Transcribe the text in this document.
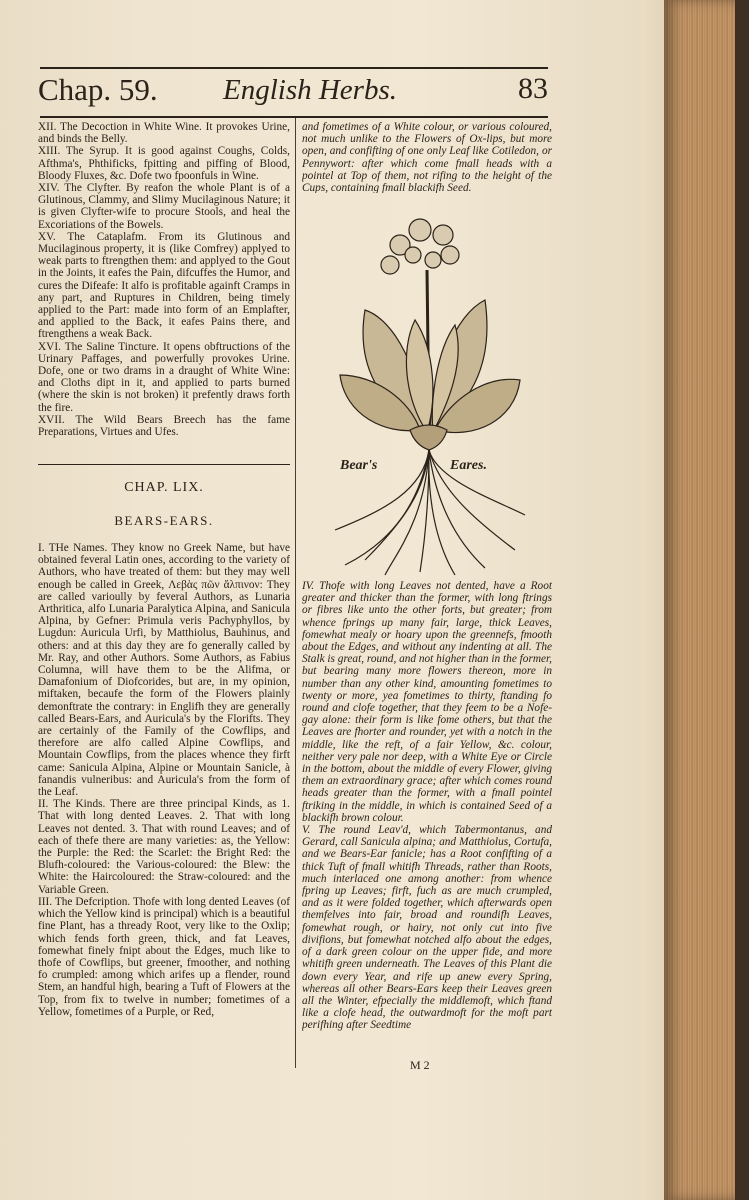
Chap. 59. English Herbs.	83

XII. The Decoction in White Wine. It provokes Urine, and binds the Belly.

XIII. The Syrup. It is good against Coughs, Colds, Afthma's, Phthificks, fpitting and piffing of Blood, Bloody Fluxes, &c. Dofe two fpoonfuls in Wine.

XIV. The Clyfter. By reafon the whole Plant is of a Glutinous, Clammy, and Slimy Mucilaginous Nature; it is given Clyfter-wife to procure Stools, and heal the Excoriations of the Bowels.

XV. The Cataplafm. From its Glutinous and Mucilaginous property, it is (like Comfrey) applyed to weak parts to ftrengthen them: and applyed to the Gout in the Joints, it eafes the Pain, difcuffes the Humor, and cures the Difeafe: It alfo is profitable againft Cramps in any part, and Ruptures in Children, being timely applied to the Part: made into form of an Emplafter, and applied to the Back, it eafes Pains there, and ftrengthens a weak Back.

XVI. The Saline Tincture. It opens obftructions of the Urinary Paffages, and powerfully provokes Urine. Dofe, one or two drams in a draught of White Wine: and Cloths dipt in it, and applied to parts burned (where the skin is not broken) it prefently draws forth the fire.

XVII. The Wild Bears Breech has the fame Preparations, Virtues and Ufes.

CHAP. LIX.
BEARS-EARS.

I. THe Names. They know no Greek Name, but have obtained feveral Latin ones, according to the variety of Authors, who have treated of them: but they may well enough be called in Greek, Λεβὰς πῶν ἄλπινον: They are called varioully by feveral Authors, as Lunaria Arthritica, alfo Lunaria Paralytica Alpina, and Sanicula Alpina, by Gefner: Primula veris Pachyphyllos, by Lugdun: Auricula Urfi, by Matthiolus, Bauhinus, and others: and at this day they are fo generally called by Mr. Ray, and other Authors. Some Authors, as Fabius Columna, will have them to be the Alifma, or Damafonium of Diofcorides, but are, in my opinion, miftaken, becaufe the form of the Flowers plainly demonftrate the contrary: in Englifh they are generally called Bears-Ears, and Auricula's by the Florifts. They are certainly of the Family of the Cowflips, and therefore are alfo called Alpine Cowflips, and Mountain Cowflips, from the places whence they firft came: Sanicula Alpina, Alpine or Mountain Sanicle, à fanandis vulneribus: and Auricula's from the form of the Leaf.

II. The Kinds. There are three principal Kinds, as 1. That with long dented Leaves. 2. That with long Leaves not dented. 3. That with round Leaves; and of each of thefe there are many varieties: as, the Yellow: the Purple: the Red: the Scarlet: the Bright Red: the Blufh-coloured: the Various-coloured: the Blew: the White: the Haircoloured: the Straw-coloured: and the Variable Green.

III. The Defcription. Thofe with long dented Leaves (of which the Yellow kind is principal) which is a beautiful fine Plant, has a thready Root, very like to the Oxlip; which fends forth green, thick, and fat Leaves, fomewhat finely fnipt about the Edges, much like to thofe of Cowflips, but greener, fmoother, and nothing fo crumpled: among which arifes up a flender, round Stem, an handful high, bearing a Tuft of Flowers at the Top, from fix to twelve in number; fometimes of a Yellow, fometimes of a Purple, or Red,

and fometimes of a White colour, or various coloured, not much unlike to the Flowers of Ox-lips, but more open, and confifting of one only Leaf like Cotiledon, or Pennywort: after which come fmall heads with a pointel at Top of them, not rifing to the height of the Cups, containing fmall blackifh Seed.

Bear's	Eares.

IV. Thofe with long Leaves not dented, have a Root greater and thicker than the former, with long ftrings or fibres like unto the other forts, but greater; from whence fprings up many fair, large, thick Leaves, fomewhat mealy or hoary upon the greennefs, fmooth about the Edges, and without any indenting at all. The Stalk is great, round, and not higher than in the former, but bearing many more flowers thereon, more in number than any other kind, amounting fometimes to twenty or more, yea fometimes to thirty, ftanding fo round and clofe together, that they feem to be a Nofe-gay alone: their form is like fome others, but that the Leaves are fhorter and rounder, yet with a notch in the middle, like the reft, of a fair Yellow, &c. colour, neither very pale nor deep, with a White Eye or Circle in the bottom, about the middle of every Flower, giving them an extraordinary grace; after which comes round heads greater than the former, with a fmall pointel ftriking in the middle, in which is contained Seed of a blackifh brown colour.

V. The round Leav'd, which Tabermontanus, and Gerard, call Sanicula alpina; and Matthiolus, Cortufa, and we Bears-Ear fanicle; has a Root confifting of a thick Tuft of fmall whitifh Threads, rather than Roots, much interlaced one among another: from whence fpring up Leaves; firft, fuch as are much crumpled, and as it were folded together, which afterwards open themfelves into fair, broad and roundifh Leaves, fomewhat rough, or hairy, not only cut into five divifions, but fomewhat notched alfo about the edges, of a dark green colour on the upper fide, and more whitifh green underneath. The Leaves of this Plant die down every Year, and rife up anew every Spring, whereas all other Bears-Ears keep their Leaves green all the Winter, efpecially the middlemoft, which ftand like a clofe head, the outwardmoft for the moft part perifhing after Seedtime

M 2
